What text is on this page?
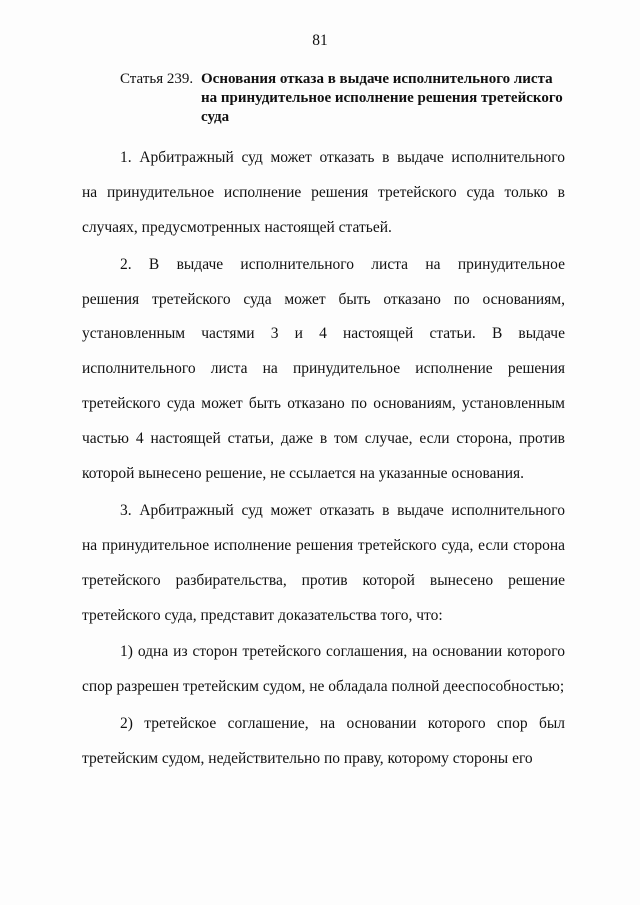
81
Статья 239. Основания отказа в выдаче исполнительного листа
на принудительное исполнение решения третейского
суда
1. Арбитражный суд может отказать в выдаче исполнительного
на принудительное исполнение решения третейского суда только в
случаях, предусмотренных настоящей статьей.
2. В выдаче исполнительного листа на принудительное
решения третейского суда может быть отказано по основаниям,
установленным частями 3 и 4 настоящей статьи. В выдаче
исполнительного листа на принудительное исполнение решения
третейского суда может быть отказано по основаниям, установленным
частью 4 настоящей статьи, даже в том случае, если сторона, против
которой вынесено решение, не ссылается на указанные основания.
3. Арбитражный суд может отказать в выдаче исполнительного
на принудительное исполнение решения третейского суда, если сторона
третейского разбирательства, против которой вынесено решение
третейского суда, представит доказательства того, что:
1) одна из сторон третейского соглашения, на основании которого
спор разрешен третейским судом, не обладала полной дееспособностью;
2) третейское соглашение, на основании которого спор был
третейским судом, недействительно по праву, которому стороны его
